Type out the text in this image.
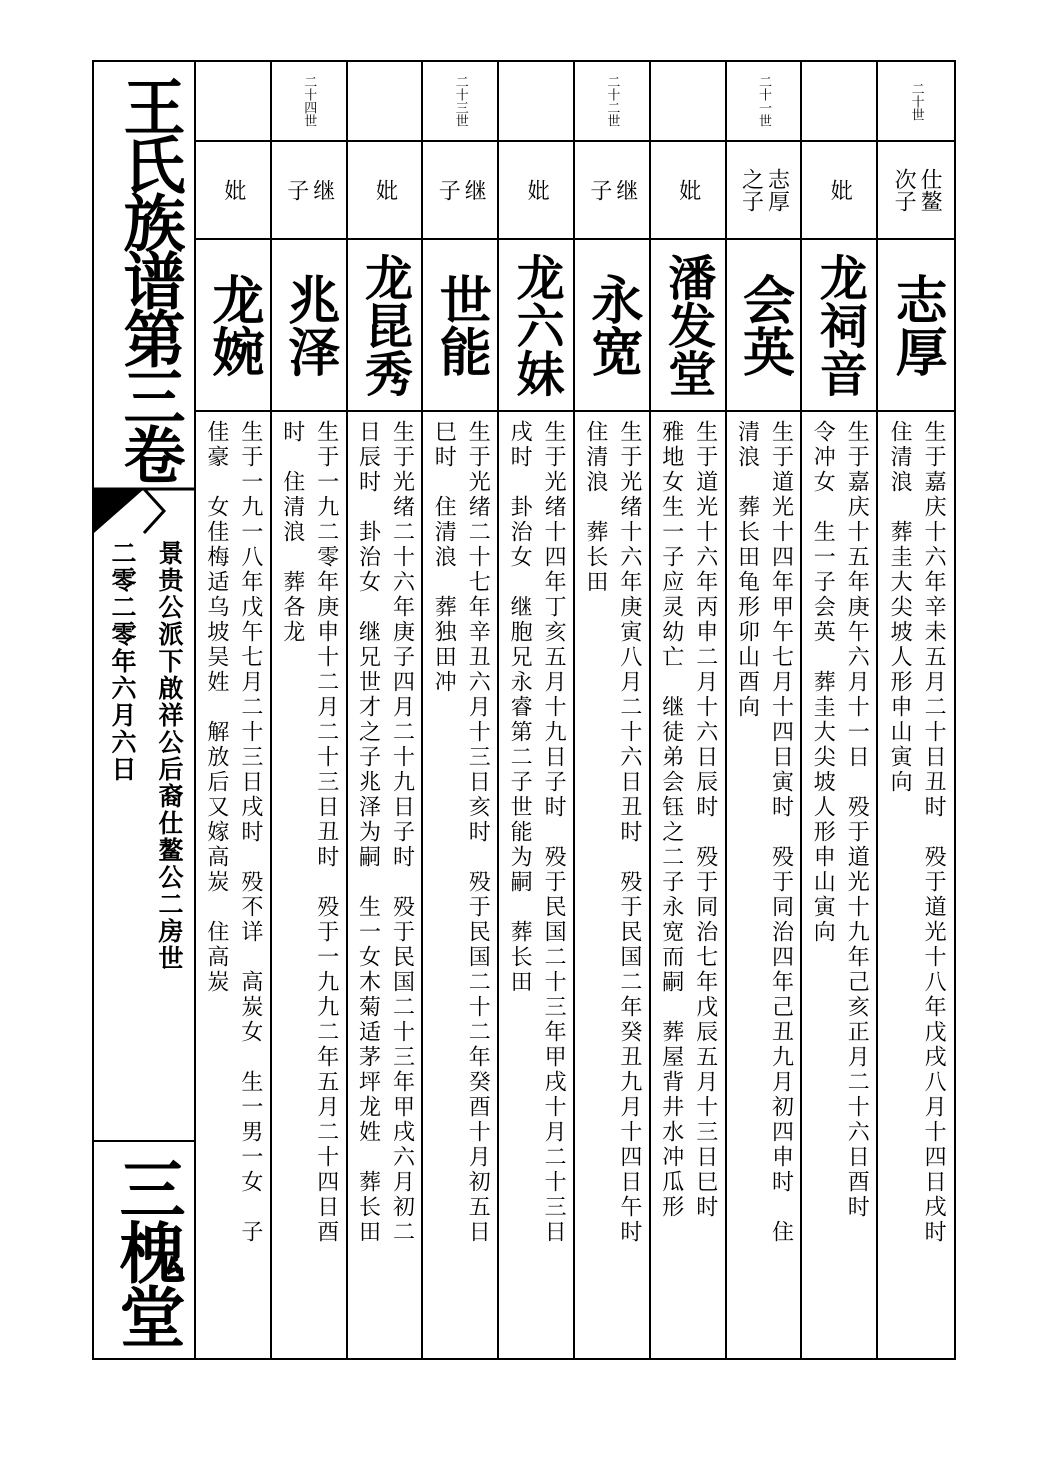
王氏族谱第三卷
景贵公派下啟祥公后裔仕鳌公二房世
二零二零年六月六日
三槐堂
二十世
仕鳌
次子
志厚
生于嘉庆十六年辛未五月二十日丑时　殁于道光十八年戊戌八月十四日戌时
住清浪　葬圭大尖坡人形申山寅向
妣
龙祠音
生于嘉庆十五年庚午六月十一日　殁于道光十九年己亥正月二十六日酉时
令冲女　生一子会英　葬圭大尖坡人形申山寅向
二十一世
志厚
之子
会英
生于道光十四年甲午七月十四日寅时　殁于同治四年己丑九月初四申时　住
清浪　葬长田龟形卯山酉向
妣
潘发堂
生于道光十六年丙申二月十六日辰时　殁于同治七年戊辰五月十三日巳时
雅地女生一子应灵幼亡　继徒弟会钰之二子永宽而嗣　葬屋背井水冲瓜形
二十二世
继
子
永宽
生于光绪十六年庚寅八月二十六日丑时　殁于民国二年癸丑九月十四日午时
住清浪　葬长田
妣
龙六妹
生于光绪十四年丁亥五月十九日子时　殁于民国二十三年甲戌十月二十三日
戌时　卦治女　继胞兄永睿第二子世能为嗣　葬长田
二十三世
继
子
世能
生于光绪二十七年辛丑六月十三日亥时　殁于民国二十二年癸酉十月初五日
巳时　住清浪　葬独田冲
妣
龙昆秀
生于光绪二十六年庚子四月二十九日子时　殁于民国二十三年甲戌六月初二
日辰时　卦治女　继兄世才之子兆泽为嗣　生一女木菊适茅坪龙姓　葬长田
二十四世
继
子
兆泽
生于一九二零年庚申十二月二十三日丑时　殁于一九九二年五月二十四日酉
时　住清浪　葬各龙
妣
龙婉
生于一九一八年戊午七月二十三日戌时　殁不详　高炭女　生一男一女　子
佳豪　女佳梅适乌坡吴姓　解放后又嫁高炭　住高炭
